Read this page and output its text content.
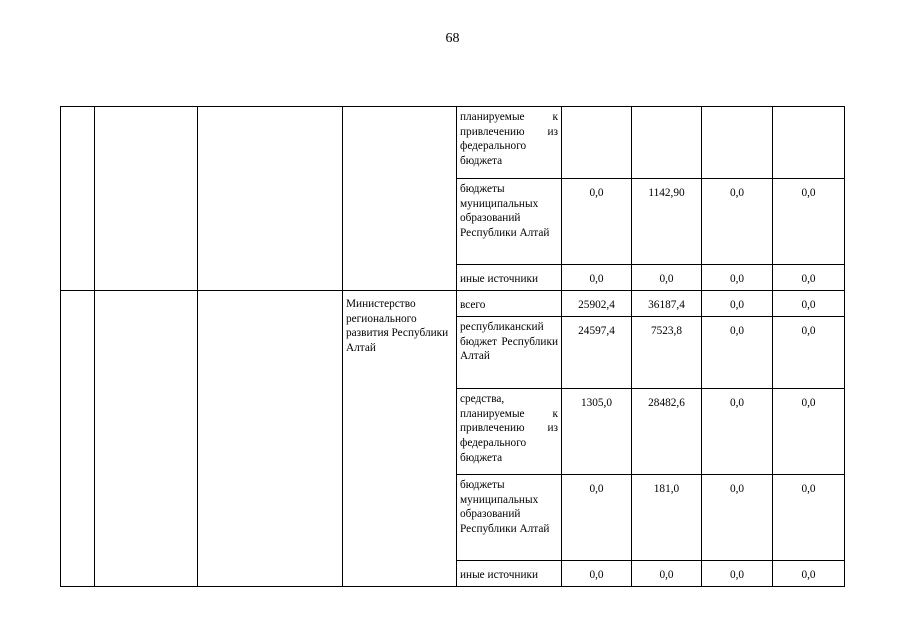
68
				планируемые к привлечению из федерального бюджета				
				бюджеты муниципальных образований Республики Алтай	0,0	1142,90	0,0	0,0
				иные источники	0,0	0,0	0,0	0,0
			Министерство регионального развития Республики Алтай	всего	25902,4	36187,4	0,0	0,0
				республиканский бюджет Республики Алтай	24597,4	7523,8	0,0	0,0
				средства, планируемые к привлечению из федерального бюджета	1305,0	28482,6	0,0	0,0
				бюджеты муниципальных образований Республики Алтай	0,0	181,0	0,0	0,0
				иные источники	0,0	0,0	0,0	0,0
